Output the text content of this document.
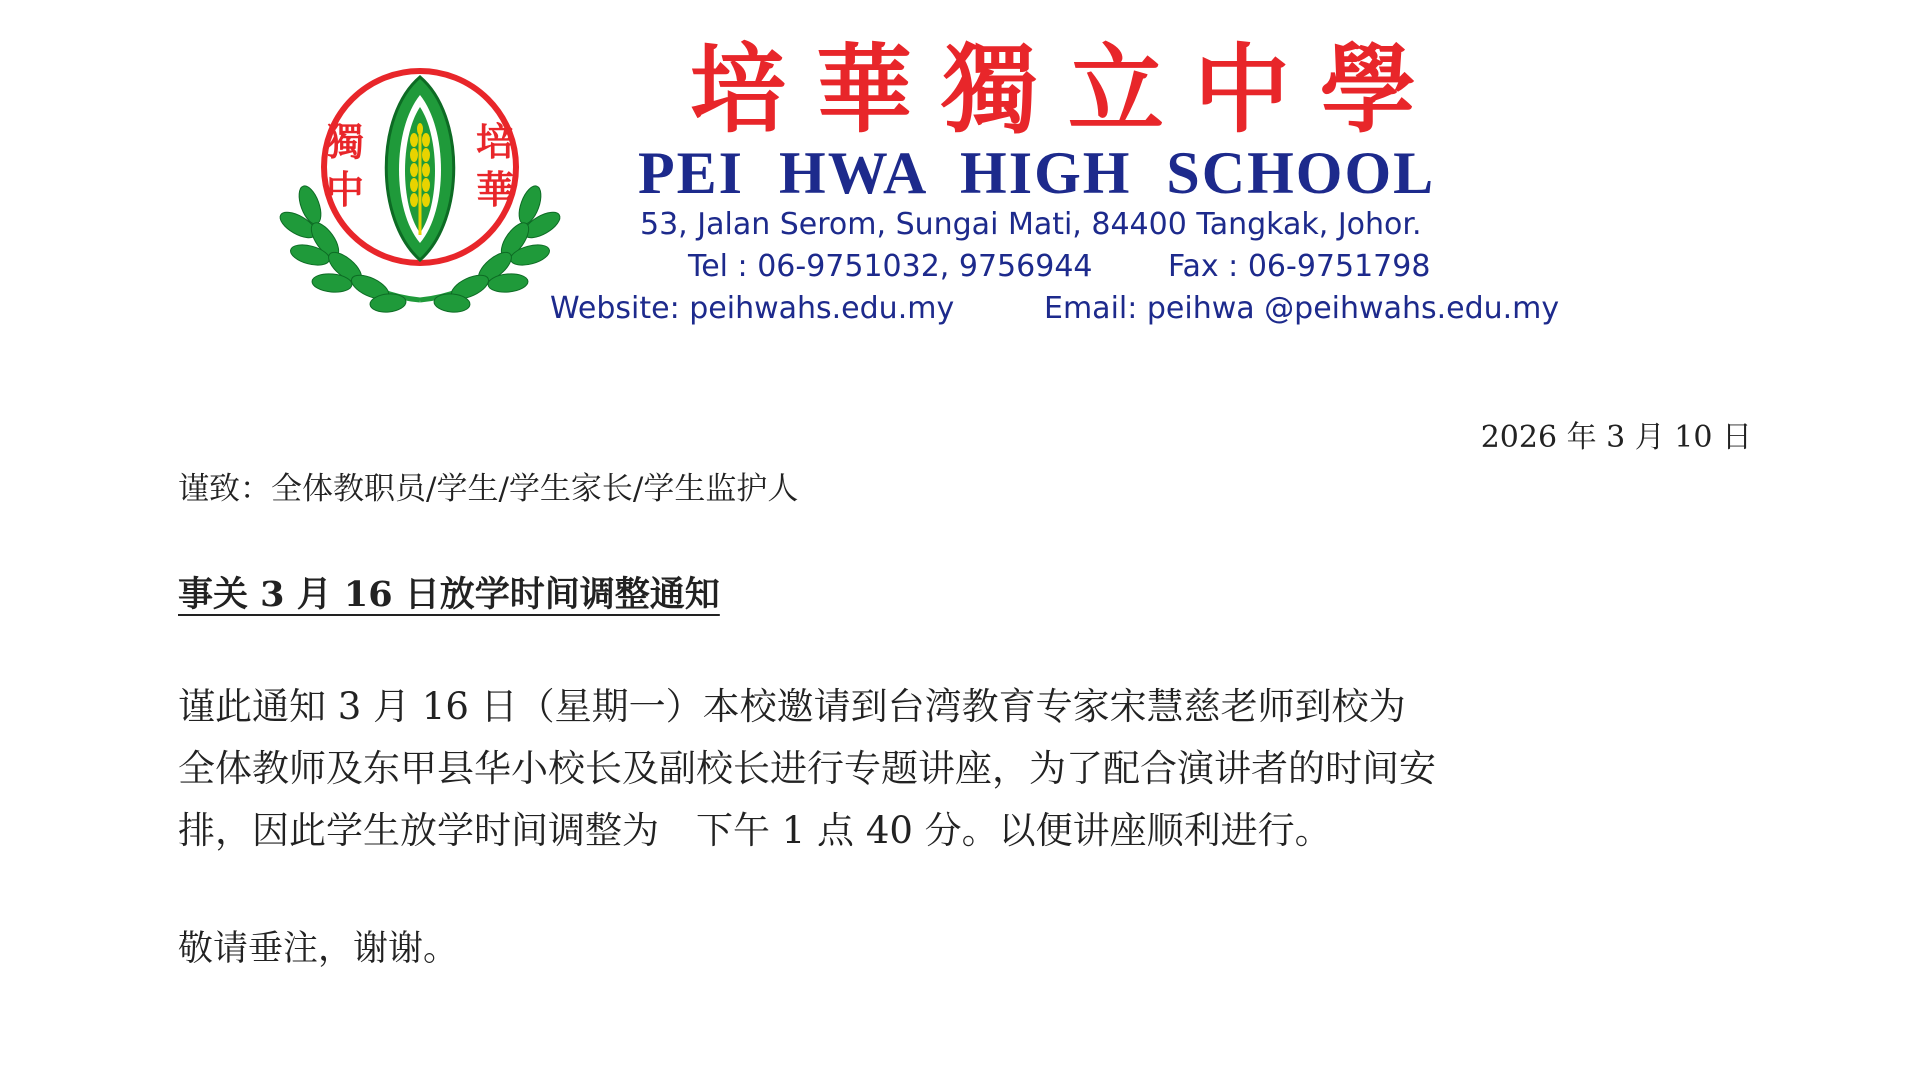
獨
中
培
華
培華獨立中學
PEI HWA HIGH SCHOOL
53, Jalan Serom, Sungai Mati, 84400 Tangkak, Johor.
Tel : 06-9751032, 9756944	Fax : 06-9751798
Website: peihwahs.edu.my	Email: peihwa @peihwahs.edu.my
2026 年 3 月 10 日
谨致：全体教职员/学生/学生家长/学生监护人
事关 3 月 16 日放学时间调整通知
谨此通知 3 月 16 日（星期一）本校邀请到台湾教育专家宋慧慈老师到校为
全体教师及东甲县华小校长及副校长进行专题讲座，为了配合演讲者的时间安
排，因此学生放学时间调整为　下午 1 点 40 分。以便讲座顺利进行。
敬请垂注，谢谢。
